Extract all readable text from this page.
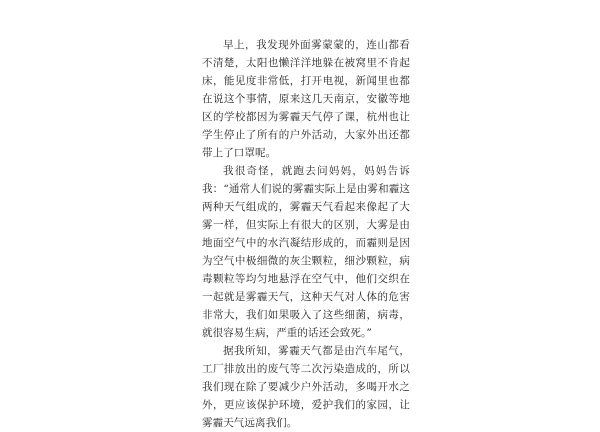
早上，我发现外面雾蒙蒙的，连山都看不清楚，太阳也懒洋洋地躲在被窝里不肯起床，能见度非常低，打开电视，新闻里也都在说这个事情，原来这几天南京，安徽等地区的学校都因为雾霾天气停了课，杭州也让学生停止了所有的户外活动，大家外出还都带上了口罩呢。

我很奇怪，就跑去问妈妈，妈妈告诉我：“通常人们说的雾霾实际上是由雾和霾这两种天气组成的，雾霾天气看起来像起了大雾一样，但实际上有很大的区别，大雾是由地面空气中的水汽凝结形成的，而霾则是因为空气中极细微的灰尘颗粒，细沙颗粒，病毒颗粒等均匀地悬浮在空气中，他们交织在一起就是雾霾天气，这种天气对人体的危害非常大，我们如果吸入了这些细菌，病毒，就很容易生病，严重的话还会致死。”

据我所知，雾霾天气都是由汽车尾气，工厂排放出的废气等二次污染造成的，所以我们现在除了要减少户外活动，多喝开水之外，更应该保护环境，爱护我们的家园，让雾霾天气远离我们。
